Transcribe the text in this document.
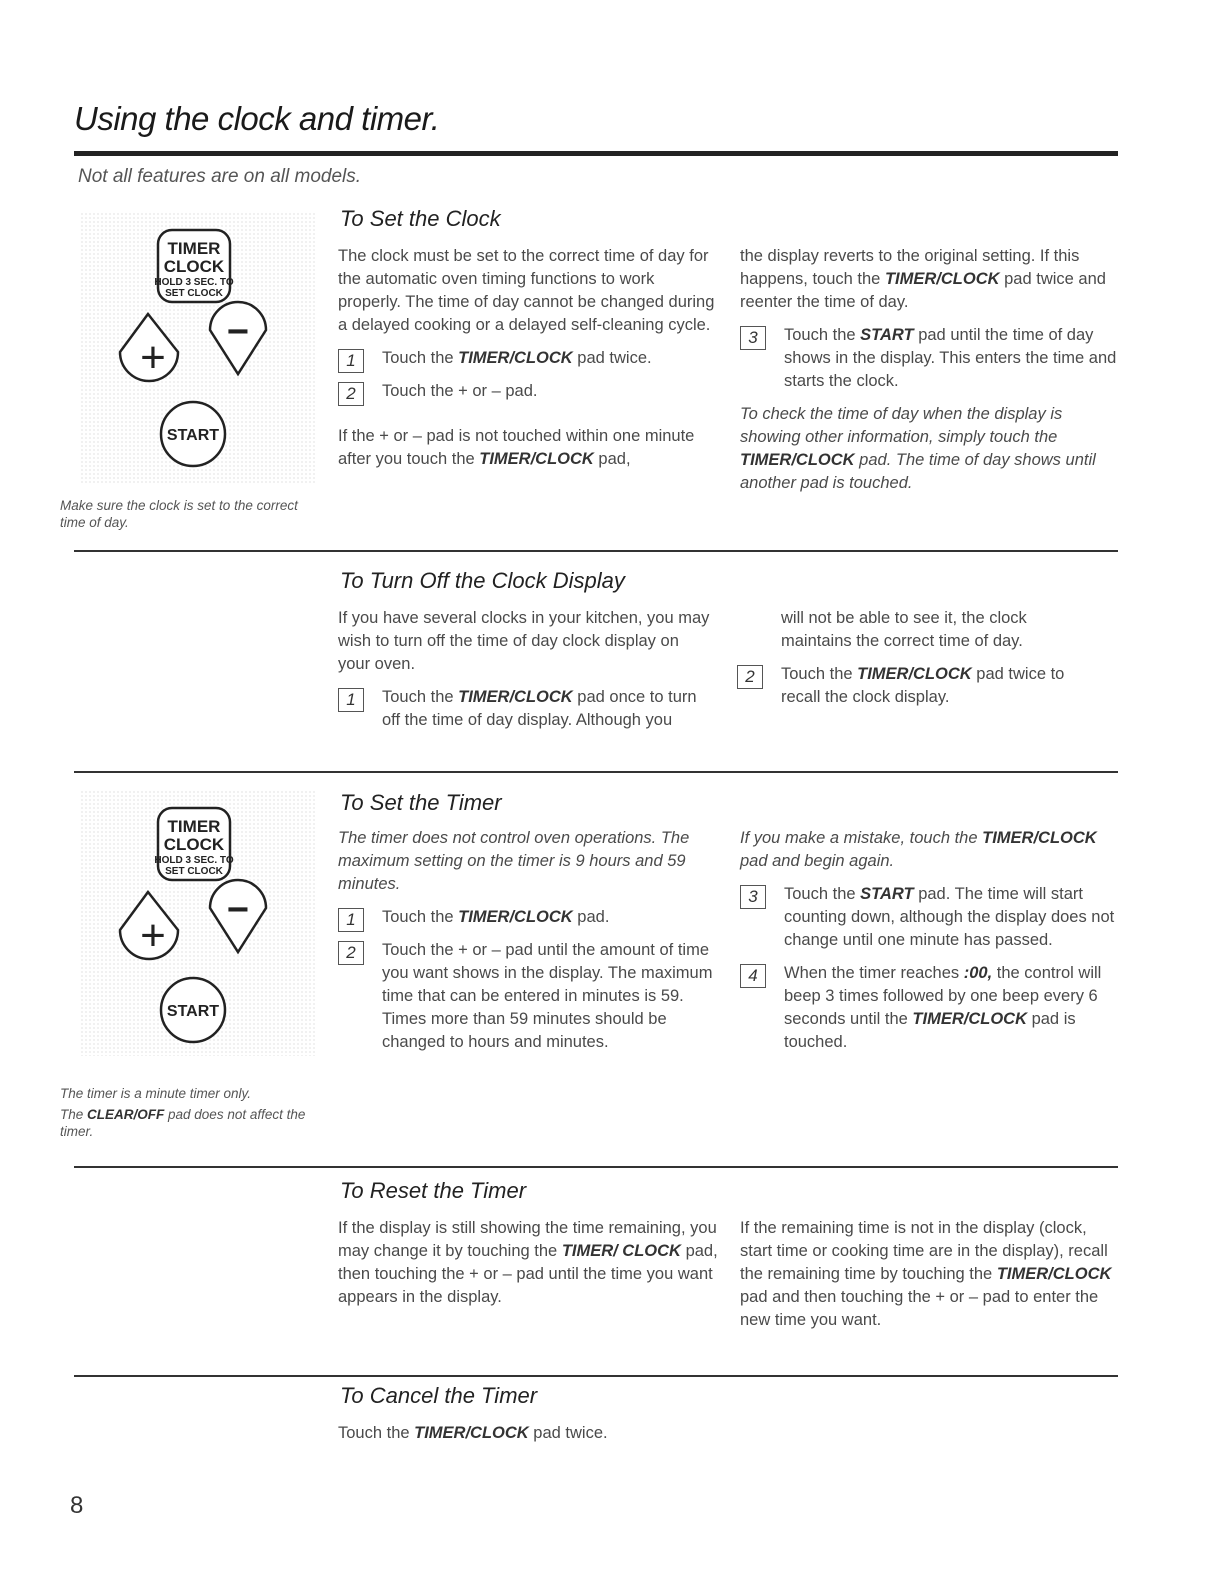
Using the clock and timer.
Not all features are on all models.
TIMER
CLOCK
HOLD 3 SEC. TO
SET CLOCK
+
−
START
Make sure the clock is set to the correct time of day.
To Set the Clock

The clock must be set to the correct time of day for the automatic oven timing functions to work properly. The time of day cannot be changed during a delayed cooking or a delayed self-cleaning cycle.

1	Touch the TIMER/CLOCK pad twice.
2	Touch the + or – pad.

If the + or – pad is not touched within one minute after you touch the TIMER/CLOCK pad,

the display reverts to the original setting. If this happens, touch the TIMER/CLOCK pad twice and reenter the time of day.

3	Touch the START pad until the time of day shows in the display. This enters the time and starts the clock.

To check the time of day when the display is showing other information, simply touch the TIMER/CLOCK pad. The time of day shows until another pad is touched.

To Turn Off the Clock Display

If you have several clocks in your kitchen, you may wish to turn off the time of day clock display on your oven.

1	Touch the TIMER/CLOCK pad once to turn off the time of day display. Although you

will not be able to see it, the clock maintains the correct time of day.

2	Touch the TIMER/CLOCK pad twice to recall the clock display.
TIMER
CLOCK
HOLD 3 SEC. TO
SET CLOCK
+
−
START
The timer is a minute timer only.
The CLEAR/OFF pad does not affect the timer.
To Set the Timer

The timer does not control oven operations. The maximum setting on the timer is 9 hours and 59 minutes.

1	Touch the TIMER/CLOCK pad.
2	Touch the + or – pad until the amount of time you want shows in the display. The maximum time that can be entered in minutes is 59. Times more than 59 minutes should be changed to hours and minutes.

If you make a mistake, touch the TIMER/CLOCK pad and begin again.

3	Touch the START pad. The time will start counting down, although the display does not change until one minute has passed.
4	When the timer reaches :00, the control will beep 3 times followed by one beep every 6 seconds until the TIMER/CLOCK pad is touched.
To Reset the Timer

If the display is still showing the time remaining, you may change it by touching the TIMER/ CLOCK pad, then touching the + or – pad until the time you want appears in the display.

If the remaining time is not in the display (clock, start time or cooking time are in the display), recall the remaining time by touching the TIMER/CLOCK pad and then touching the + or – pad to enter the new time you want.

To Cancel the Timer

Touch the TIMER/CLOCK pad twice.

8
